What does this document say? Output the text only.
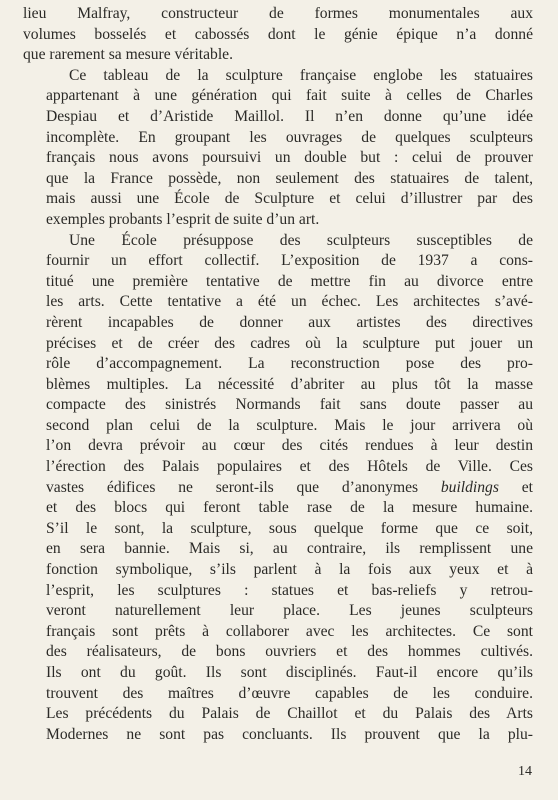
lieu Malfray, constructeur de formes monumentales aux
volumes bosselés et cabossés dont le génie épique n’a donné
que rarement sa mesure véritable.
Ce tableau de la sculpture française englobe les statuaires
appartenant à une génération qui fait suite à celles de Charles
Despiau et d’Aristide Maillol. Il n’en donne qu’une idée
incomplète. En groupant les ouvrages de quelques sculpteurs
français nous avons poursuivi un double but : celui de prouver
que la France possède, non seulement des statuaires de talent,
mais aussi une École de Sculpture et celui d’illustrer par des
exemples probants l’esprit de suite d’un art.
Une École présuppose des sculpteurs susceptibles de
fournir un effort collectif. L’exposition de 1937 a cons-
titué une première tentative de mettre fin au divorce entre
les arts. Cette tentative a été un échec. Les architectes s’avé-
rèrent incapables de donner aux artistes des directives
précises et de créer des cadres où la sculpture put jouer un
rôle d’accompagnement. La reconstruction pose des pro-
blèmes multiples. La nécessité d’abriter au plus tôt la masse
compacte des sinistrés Normands fait sans doute passer au
second plan celui de la sculpture. Mais le jour arrivera où
l’on devra prévoir au cœur des cités rendues à leur destin
l’érection des Palais populaires et des Hôtels de Ville. Ces
vastes édifices ne seront-ils que d’anonymes buildings et
et des blocs qui feront table rase de la mesure humaine.
S’il le sont, la sculpture, sous quelque forme que ce soit,
en sera bannie. Mais si, au contraire, ils remplissent une
fonction symbolique, s’ils parlent à la fois aux yeux et à
l’esprit, les sculptures : statues et bas-reliefs y retrou-
veront naturellement leur place. Les jeunes sculpteurs
français sont prêts à collaborer avec les architectes. Ce sont
des réalisateurs, de bons ouvriers et des hommes cultivés.
Ils ont du goût. Ils sont disciplinés. Faut-il encore qu’ils
trouvent des maîtres d’œuvre capables de les conduire.
Les précédents du Palais de Chaillot et du Palais des Arts
Modernes ne sont pas concluants. Ils prouvent que la plu-
14
